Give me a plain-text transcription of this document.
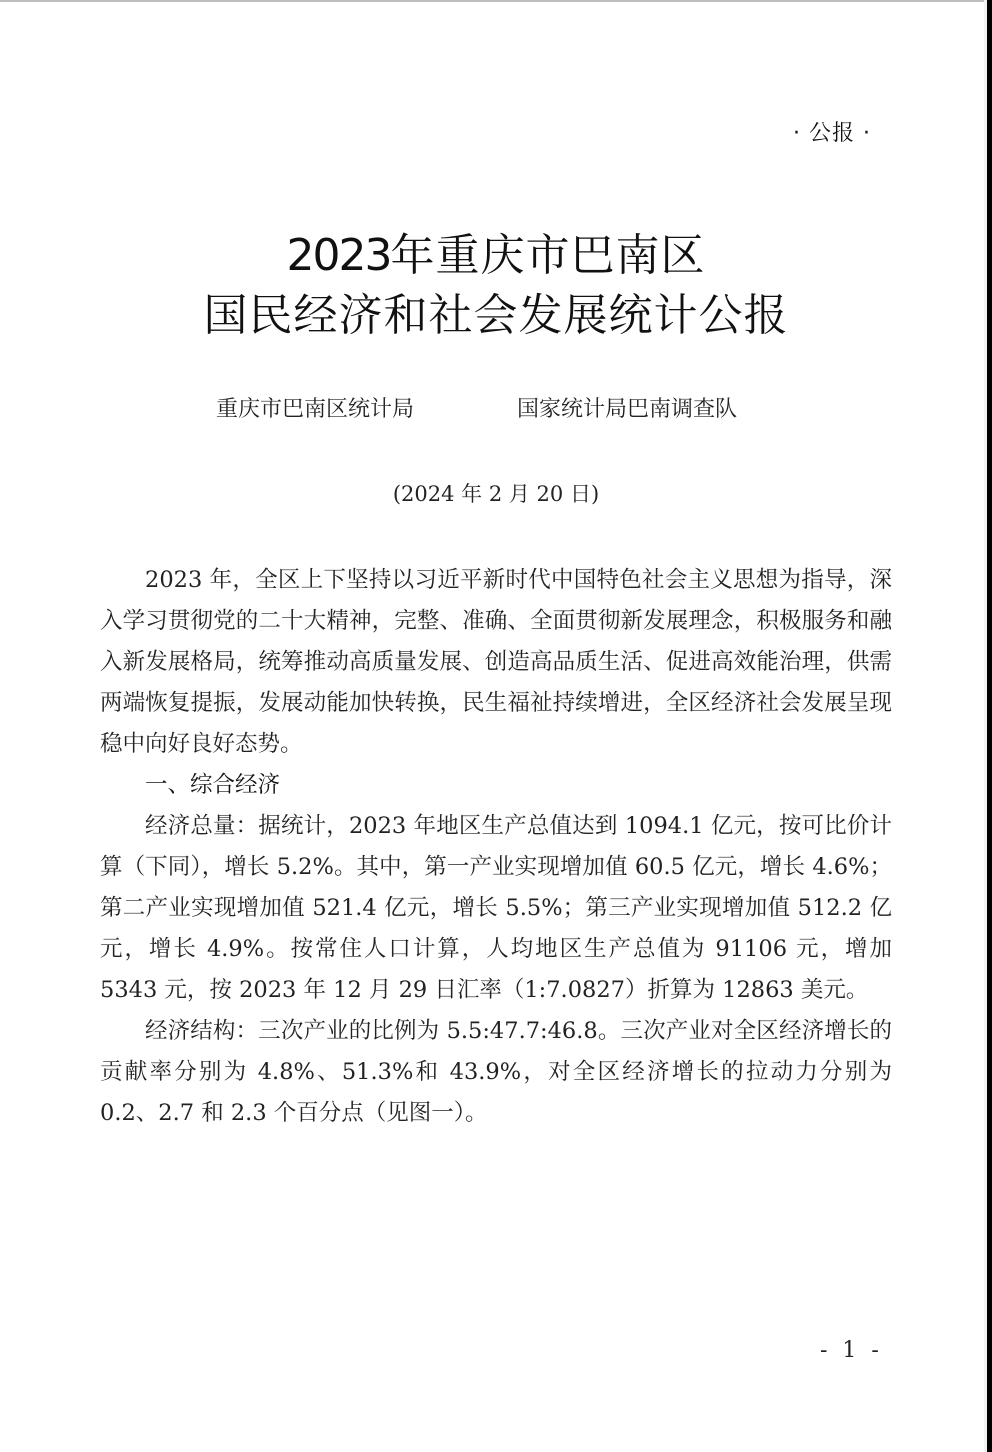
· 公报 ·
2023年重庆市巴南区
国民经济和社会发展统计公报
重庆市巴南区统计局	国家统计局巴南调查队
(2024 年 2 月 20 日)

2023 年，全区上下坚持以习近平新时代中国特色社会主义思想为指导，深入学习贯彻党的二十大精神，完整、准确、全面贯彻新发展理念，积极服务和融入新发展格局，统筹推动高质量发展、创造高品质生活、促进高效能治理，供需两端恢复提振，发展动能加快转换，民生福祉持续增进，全区经济社会发展呈现稳中向好良好态势。

一、综合经济

经济总量：据统计，2023 年地区生产总值达到 1094.1 亿元，按可比价计算（下同），增长 5.2%。其中，第一产业实现增加值 60.5 亿元，增长 4.6%；第二产业实现增加值 521.4 亿元，增长 5.5%；第三产业实现增加值 512.2 亿元，增长 4.9%。按常住人口计算，人均地区生产总值为 91106 元，增加 5343 元，按 2023 年 12 月 29 日汇率（1:7.0827）折算为 12863 美元。

经济结构：三次产业的比例为 5.5:47.7:46.8。三次产业对全区经济增长的贡献率分别为 4.8%、51.3%和 43.9%，对全区经济增长的拉动力分别为 0.2、2.7 和 2.3 个百分点（见图一）。

- 1 -
